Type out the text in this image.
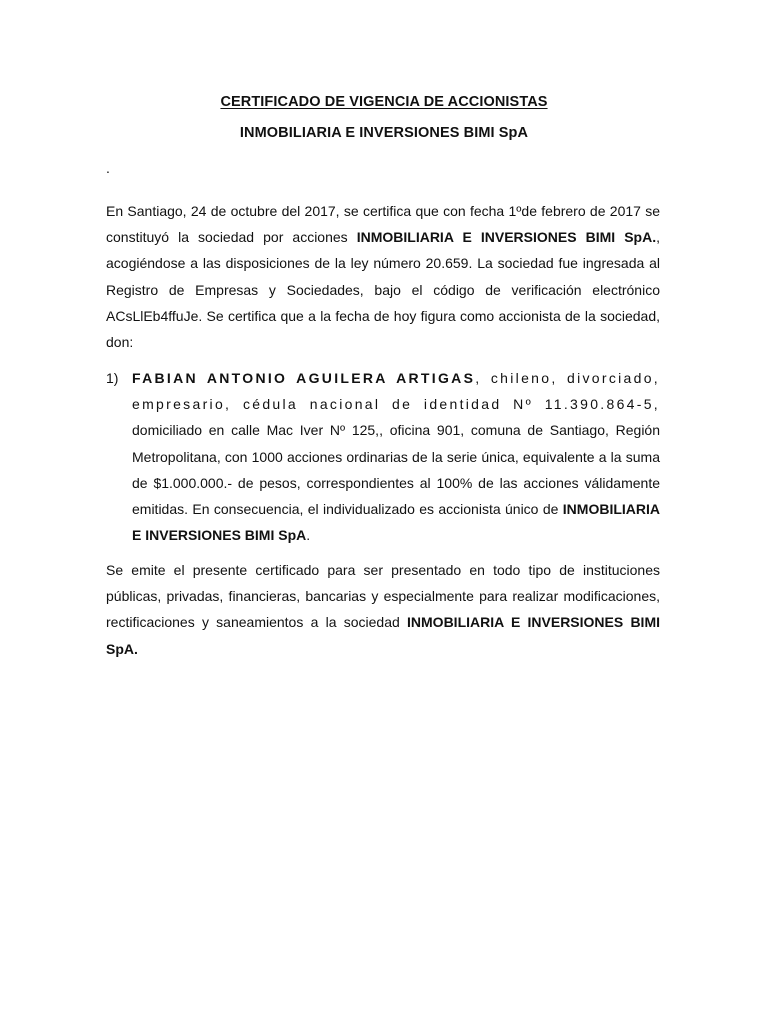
CERTIFICADO DE VIGENCIA DE ACCIONISTAS
INMOBILIARIA E INVERSIONES BIMI SpA
.

En Santiago, 24 de octubre del 2017, se certifica que con fecha 1ºde febrero de 2017 se constituyó la sociedad por acciones INMOBILIARIA E INVERSIONES BIMI SpA., acogiéndose a las disposiciones de la ley número 20.659. La sociedad fue ingresada al Registro de Empresas y Sociedades, bajo el código de verificación electrónico ACsLlEb4ffuJe. Se certifica que a la fecha de hoy figura como accionista de la sociedad, don:

1) FABIAN ANTONIO AGUILERA ARTIGAS, chileno, divorciado, empresario, cédula nacional de identidad Nº 11.390.864-5, domiciliado en calle Mac Iver Nº 125,, oficina 901, comuna de Santiago, Región Metropolitana, con 1000 acciones ordinarias de la serie única, equivalente a la suma de $1.000.000.- de pesos, correspondientes al 100% de las acciones válidamente emitidas. En consecuencia, el individualizado es accionista único de INMOBILIARIA E INVERSIONES BIMI SpA.

Se emite el presente certificado para ser presentado en todo tipo de instituciones públicas, privadas, financieras, bancarias y especialmente para realizar modificaciones, rectificaciones y saneamientos a la sociedad INMOBILIARIA E INVERSIONES BIMI SpA.
